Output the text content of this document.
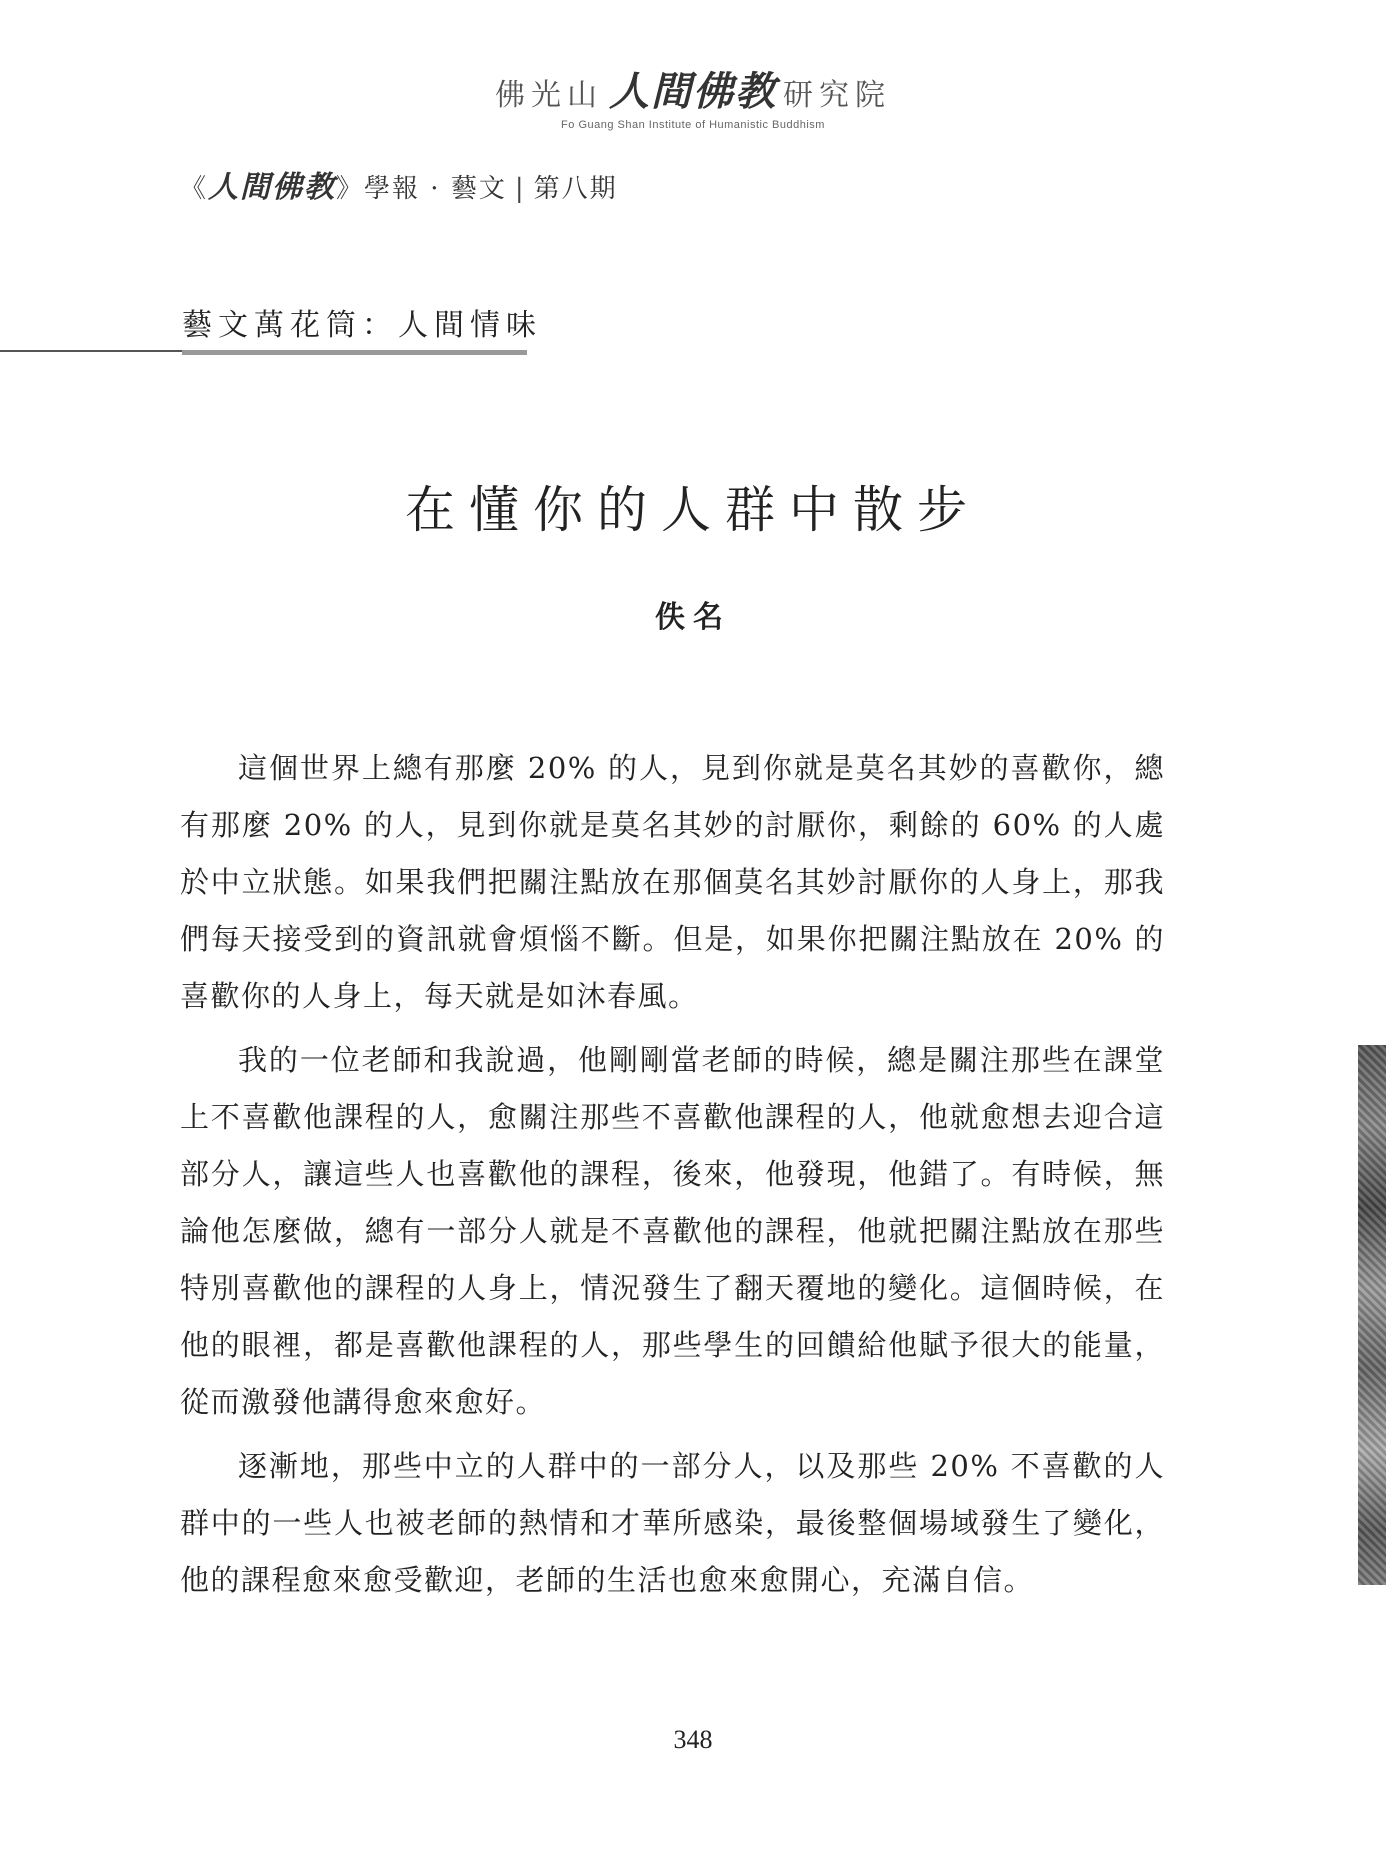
佛光山 人間佛教 研究院
Fo Guang Shan Institute of Humanistic Buddhism
《人間佛教》學報 · 藝文 | 第八期
藝文萬花筒：人間情味
在懂你的人群中散步
佚名

這個世界上總有那麼 20% 的人，見到你就是莫名其妙的喜歡你，總有那麼 20% 的人，見到你就是莫名其妙的討厭你，剩餘的 60% 的人處於中立狀態。如果我們把關注點放在那個莫名其妙討厭你的人身上，那我們每天接受到的資訊就會煩惱不斷。但是，如果你把關注點放在 20% 的喜歡你的人身上，每天就是如沐春風。

我的一位老師和我說過，他剛剛當老師的時候，總是關注那些在課堂上不喜歡他課程的人，愈關注那些不喜歡他課程的人，他就愈想去迎合這部分人，讓這些人也喜歡他的課程，後來，他發現，他錯了。有時候，無論他怎麼做，總有一部分人就是不喜歡他的課程，他就把關注點放在那些特別喜歡他的課程的人身上，情況發生了翻天覆地的變化。這個時候，在他的眼裡，都是喜歡他課程的人，那些學生的回饋給他賦予很大的能量，從而激發他講得愈來愈好。

逐漸地，那些中立的人群中的一部分人，以及那些 20% 不喜歡的人群中的一些人也被老師的熱情和才華所感染，最後整個場域發生了變化，他的課程愈來愈受歡迎，老師的生活也愈來愈開心，充滿自信。

348
